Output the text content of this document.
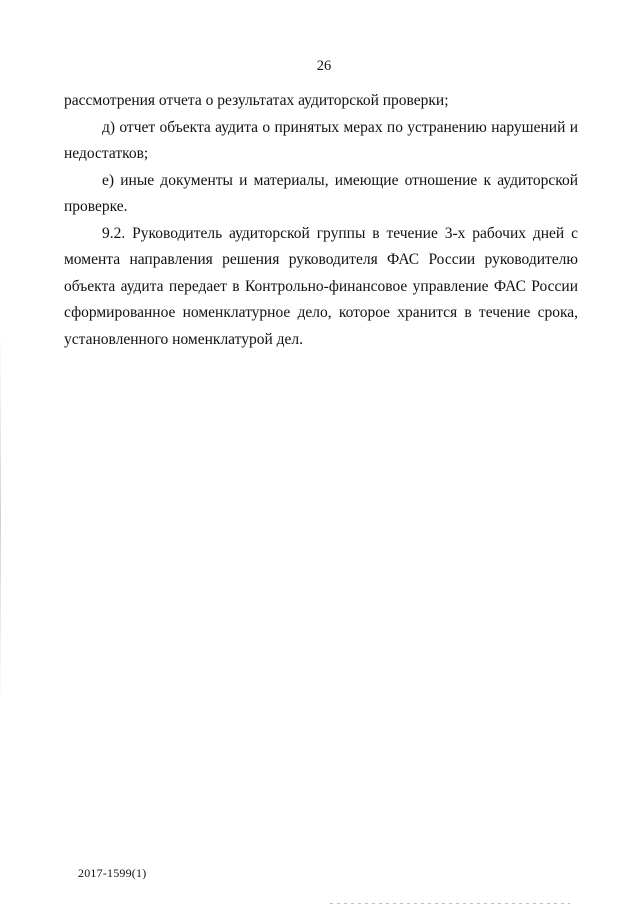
26
рассмотрения отчета о результатах аудиторской проверки;
д) отчет объекта аудита о принятых мерах по устранению нарушений и
недостатков;
е) иные документы и материалы, имеющие отношение к аудиторской
проверке.
9.2. Руководитель аудиторской группы в течение 3-х рабочих дней с
момента направления решения руководителя ФАС России руководителю
объекта аудита передает в Контрольно-финансовое управление ФАС России
сформированное номенклатурное дело, которое хранится в течение срока,
установленного номенклатурой дел.
2017-1599(1)
